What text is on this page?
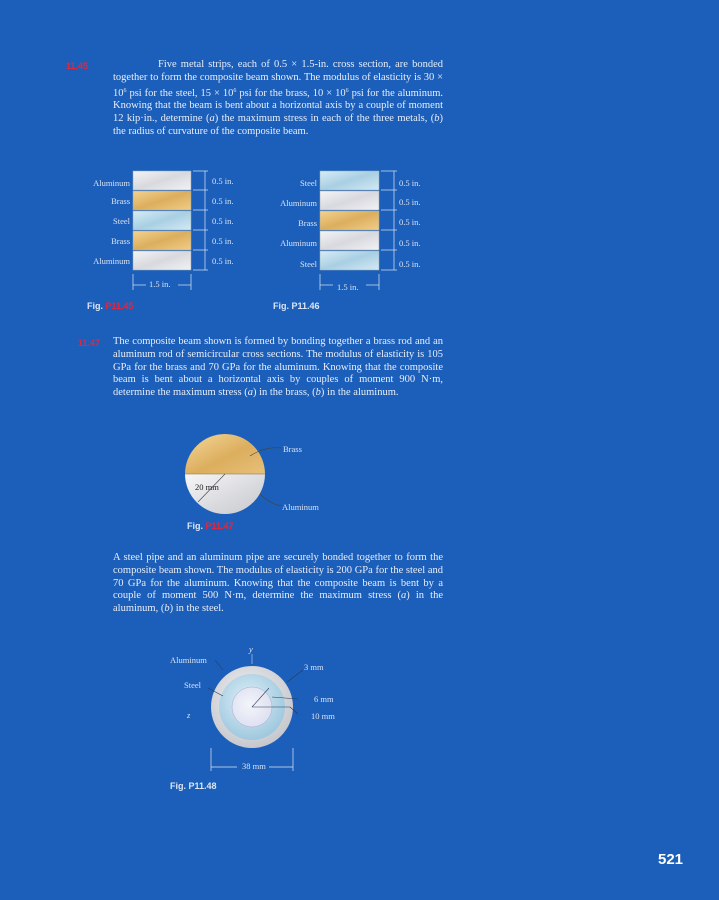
11.45	Five metal strips, each of 0.5 × 1.5-in. cross section, are bonded together to form the composite beam shown. The modulus of elasticity is $30 \times 10^6$ psi for the steel, $15 \times 10^6$ psi for the brass, $10 \times 10^6$ psi for the aluminum. Knowing that the beam is bent about a horizontal axis by a couple of moment 12 kip·in., determine (a) the maximum stress in each of the three metals, (b) the radius of curvature of the composite beam.
Aluminum
Brass
Steel
Brass
Aluminum
0.5 in.
0.5 in.
0.5 in.
0.5 in.
0.5 in.
1.5 in.
Fig. P11.45
Steel
Aluminum
Brass
Aluminum
Steel
0.5 in.
0.5 in.
0.5 in.
0.5 in.
0.5 in.
1.5 in.
Fig. P11.46
11.47 The composite beam shown is formed by bonding together a brass rod and an aluminum rod of semicircular cross sections. The modulus of elasticity is 105 GPa for the brass and 70 GPa for the aluminum. Knowing that the composite beam is bent about a horizontal axis by couples of moment 900 N·m, determine the maximum stress (a) in the brass, (b) in the aluminum.
Brass
Aluminum
20 mm
Fig. P11.47
A steel pipe and an aluminum pipe are securely bonded together to form the composite beam shown. The modulus of elasticity is 200 GPa for the steel and 70 GPa for the aluminum. Knowing that the composite beam is bent by a couple of moment 500 N·m, determine the maximum stress (a) in the aluminum, (b) in the steel.
Aluminum
Steel
y
z
3 mm
6 mm
10 mm
38 mm
Fig. P11.48
521
